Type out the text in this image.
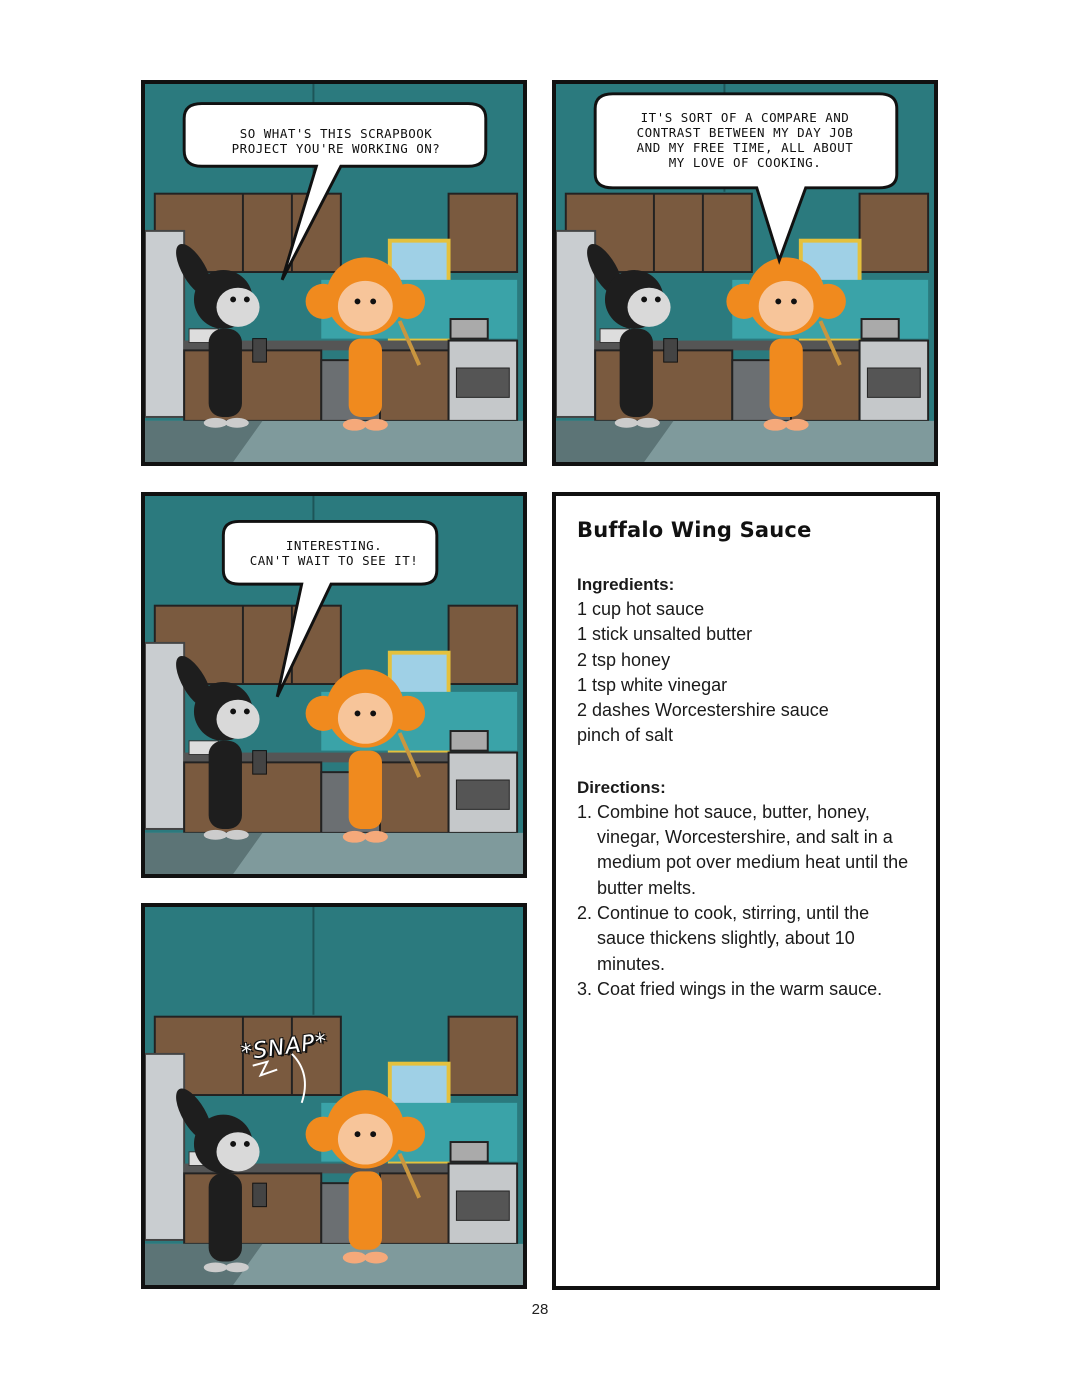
SO WHAT'S THIS SCRAPBOOK
PROJECT YOU'RE WORKING ON?
IT'S SORT OF A COMPARE AND
CONTRAST BETWEEN MY DAY JOB
AND MY FREE TIME, ALL ABOUT
MY LOVE OF COOKING.
INTERESTING.
CAN'T WAIT TO SEE IT!
*SNAP*
Buffalo Wing Sauce
Ingredients:
1 cup hot sauce
1 stick unsalted butter
2 tsp honey
1 tsp white vinegar
2 dashes Worcestershire sauce
pinch of salt
Directions:
1. Combine hot sauce, butter, honey, vinegar, Worcestershire, and salt in a medium pot over medium heat until the butter melts.
2. Continue to cook, stirring, until the sauce thickens slightly, about 10 minutes.
3. Coat fried wings in the warm sauce.
28
